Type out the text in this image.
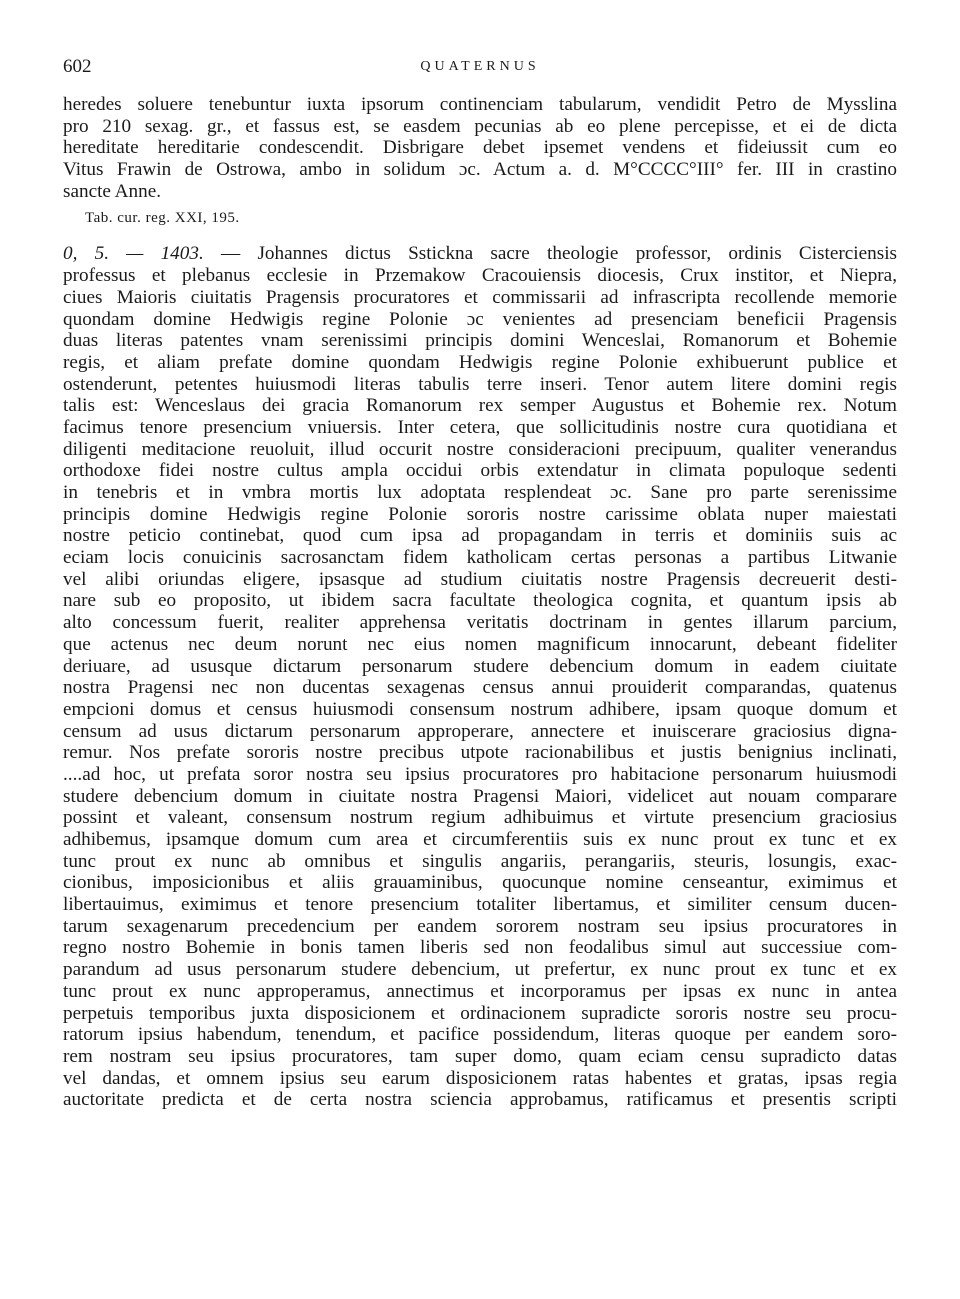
602	QUATERNUS
heredes soluere tenebuntur iuxta ipsorum continenciam tabularum, vendidit Petro de Mysslina
pro 210 sexag. gr., et fassus est, se easdem pecunias ab eo plene percepisse, et ei de dicta
hereditate hereditarie condescendit. Disbrigare debet ipsemet vendens et fideiussit cum eo
Vitus Frawin de Ostrowa, ambo in solidum ɔc. Actum a. d. M°CCCC°III° fer. III in crastino
sancte Anne.
Tab. cur. reg. XXI, 195.
0, 5. — 1403. — Johannes dictus Sstickna sacre theologie professor, ordinis Cisterciensis
professus et plebanus ecclesie in Przemakow Cracouiensis diocesis, Crux institor, et Niepra,
ciues Maioris ciuitatis Pragensis procuratores et commissarii ad infrascripta recollende memorie
quondam domine Hedwigis regine Polonie ɔc venientes ad presenciam beneficii Pragensis
duas literas patentes vnam serenissimi principis domini Wenceslai, Romanorum et Bohemie
regis, et aliam prefate domine quondam Hedwigis regine Polonie exhibuerunt publice et
ostenderunt, petentes huiusmodi literas tabulis terre inseri. Tenor autem litere domini regis
talis est: Wenceslaus dei gracia Romanorum rex semper Augustus et Bohemie rex. Notum
facimus tenore presencium vniuersis. Inter cetera, que sollicitudinis nostre cura quotidiana et
diligenti meditacione reuoluit, illud occurit nostre consideracioni precipuum, qualiter venerandus
orthodoxe fidei nostre cultus ampla occidui orbis extendatur in climata populoque sedenti
in tenebris et in vmbra mortis lux adoptata resplendeat ɔc. Sane pro parte serenissime
principis domine Hedwigis regine Polonie sororis nostre carissime oblata nuper maiestati
nostre peticio continebat, quod cum ipsa ad propagandam in terris et dominiis suis ac
eciam locis conuicinis sacrosanctam fidem katholicam certas personas a partibus Litwanie
vel alibi oriundas eligere, ipsasque ad studium ciuitatis nostre Pragensis decreuerit desti-
nare sub eo proposito, ut ibidem sacra facultate theologica cognita, et quantum ipsis ab
alto concessum fuerit, realiter apprehensa veritatis doctrinam in gentes illarum parcium,
que actenus nec deum norunt nec eius nomen magnificum innocarunt, debeant fideliter
deriuare, ad ususque dictarum personarum studere debencium domum in eadem ciuitate
nostra Pragensi nec non ducentas sexagenas census annui prouiderit comparandas, quatenus
empcioni domus et census huiusmodi consensum nostrum adhibere, ipsam quoque domum et
censum ad usus dictarum personarum approperare, annectere et inuiscerare graciosius digna-
remur. Nos prefate sororis nostre precibus utpote racionabilibus et justis benignius inclinati,
....ad hoc, ut prefata soror nostra seu ipsius procuratores pro habitacione personarum huiusmodi
studere debencium domum in ciuitate nostra Pragensi Maiori, videlicet aut nouam comparare
possint et valeant, consensum nostrum regium adhibuimus et virtute presencium graciosius
adhibemus, ipsamque domum cum area et circumferentiis suis ex nunc prout ex tunc et ex
tunc prout ex nunc ab omnibus et singulis angariis, perangariis, steuris, losungis, exac-
cionibus, imposicionibus et aliis grauaminibus, quocunque nomine censeantur, eximimus et
libertauimus, eximimus et tenore presencium totaliter libertamus, et similiter censum ducen-
tarum sexagenarum precedencium per eandem sororem nostram seu ipsius procuratores in
regno nostro Bohemie in bonis tamen liberis sed non feodalibus simul aut successiue com-
parandum ad usus personarum studere debencium, ut prefertur, ex nunc prout ex tunc et ex
tunc prout ex nunc approperamus, annectimus et incorporamus per ipsas ex nunc in antea
perpetuis temporibus juxta disposicionem et ordinacionem supradicte sororis nostre seu procu-
ratorum ipsius habendum, tenendum, et pacifice possidendum, literas quoque per eandem soro-
rem nostram seu ipsius procuratores, tam super domo, quam eciam censu supradicto datas
vel dandas, et omnem ipsius seu earum disposicionem ratas habentes et gratas, ipsas regia
auctoritate predicta et de certa nostra sciencia approbamus, ratificamus et presentis scripti
